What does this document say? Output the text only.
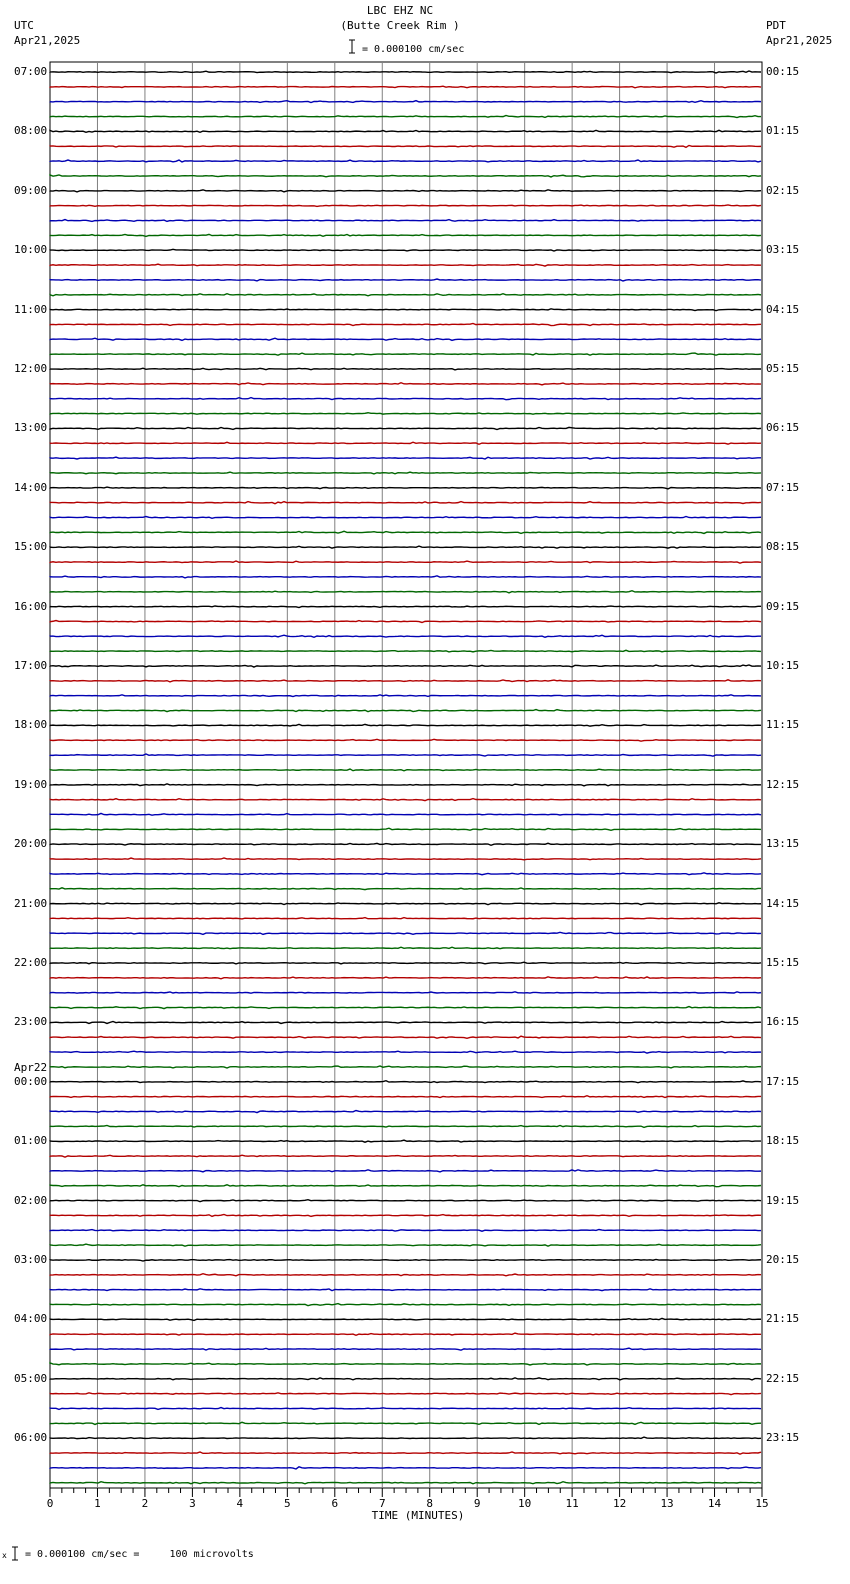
LBC EHZ NC
(Butte Creek Rim )
= 0.000100 cm/sec
UTC
Apr21,2025
PDT
Apr21,2025
Apr22
x = 0.000100 cm/sec =     100 microvolts
TIME (MINUTES)
07:00
08:00
09:00
10:00
11:00
12:00
13:00
14:00
15:00
16:00
17:00
18:00
19:00
20:00
21:00
22:00
23:00
00:00
01:00
02:00
03:00
04:00
05:00
06:00
00:15
01:15
02:15
03:15
04:15
05:15
06:15
07:15
08:15
09:15
10:15
11:15
12:15
13:15
14:15
15:15
16:15
17:15
18:15
19:15
20:15
21:15
22:15
23:15
0	1	2	3	4	5	6	7	8	9	10	11	12	13	14	15
